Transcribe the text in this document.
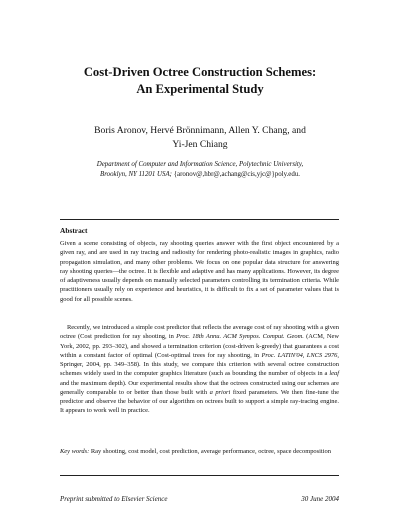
Cost-Driven Octree Construction Schemes:
An Experimental Study
Boris Aronov, Hervé Brönnimann, Allen Y. Chang, and
Yi-Jen Chiang
Department of Computer and Information Science, Polytechnic University,
Brooklyn, NY 11201 USA; {aronov@,hbr@,achang@cis,yjc@}poly.edu.
Abstract

Given a scene consisting of objects, ray shooting queries answer with the first object encountered by a given ray, and are used in ray tracing and radiosity for rendering photo-realistic images in graphics, radio propagation simulation, and many other problems. We focus on one popular data structure for answering ray shooting queries—the octree. It is flexible and adaptive and has many applications. However, its degree of adaptiveness usually depends on manually selected parameters controlling its termination criteria. While practitioners usually rely on experience and heuristics, it is difficult to fix a set of parameter values that is good for all possible scenes.

Recently, we introduced a simple cost predictor that reflects the average cost of ray shooting with a given octree (Cost prediction for ray shooting, in Proc. 18th Annu. ACM Sympos. Comput. Geom. (ACM, New York, 2002, pp. 293–302), and showed a termination criterion (cost-driven k-greedy) that guarantees a cost within a constant factor of optimal (Cost-optimal trees for ray shooting, in Proc. LATIN'04, LNCS 2976, Springer, 2004, pp. 349–358). In this study, we compare this criterion with several octree construction schemes widely used in the computer graphics literature (such as bounding the number of objects in a leaf and the maximum depth). Our experimental results show that the octrees constructed using our schemes are generally comparable to or better than those built with a priori fixed parameters. We then fine-tune the predictor and observe the behavior of our algorithm on octrees built to support a simple ray-tracing engine. It appears to work well in practice.

Key words: Ray shooting, cost model, cost prediction, average performance, octree, space decomposition

Preprint submitted to Elsevier Science	30 June 2004
